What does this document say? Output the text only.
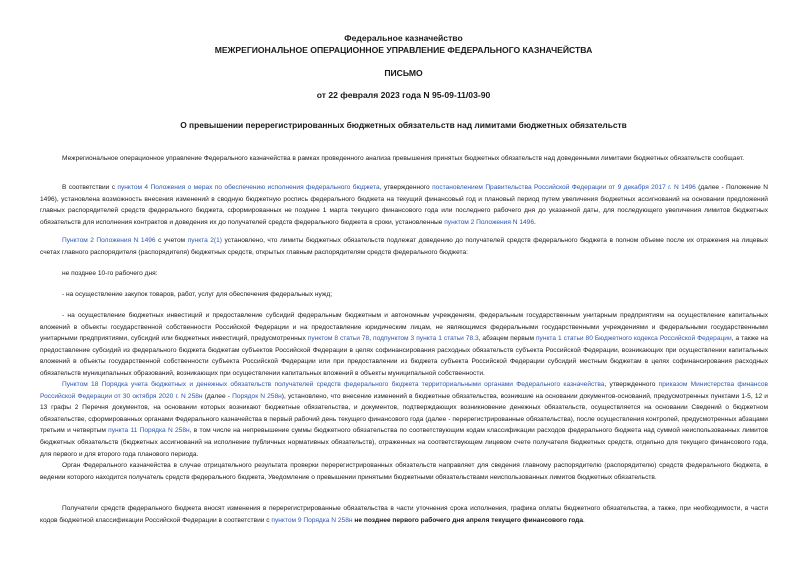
Федеральное казначейство
МЕЖРЕГИОНАЛЬНОЕ ОПЕРАЦИОННОЕ УПРАВЛЕНИЕ ФЕДЕРАЛЬНОГО КАЗНАЧЕЙСТВА
ПИСЬМО
от 22 февраля 2023 года N 95-09-11/03-90
О превышении перерегистрированных бюджетных обязательств над лимитами бюджетных обязательств
Межрегиональное операционное управление Федерального казначейства в рамках проведенного анализа превышения принятых бюджетных обязательств над доведенными лимитами бюджетных обязательств сообщает.
В соответствии с пунктом 4 Положения о мерах по обеспечению исполнения федерального бюджета, утвержденного постановлением Правительства Российской Федерации от 9 декабря 2017 г. N 1496 (далее - Положение N 1496), установлена возможность внесения изменений в сводную бюджетную роспись федерального бюджета на текущий финансовый год и плановый период путем увеличения бюджетных ассигнований на основании предложений главных распорядителей средств федерального бюджета, сформированных не позднее 1 марта текущего финансового года или последнего рабочего дня до указанной даты, для последующего увеличения лимитов бюджетных обязательств для исполнения контрактов и доведения их до получателей средств федерального бюджета в сроки, установленные пунктом 2 Положения N 1496.
Пунктом 2 Положения N 1496 с учетом пункта 2(1) установлено, что лимиты бюджетных обязательств подлежат доведению до получателей средств федерального бюджета в полном объеме после их отражения на лицевых счетах главного распорядителя (распорядителя) бюджетных средств, открытых главным распорядителям средств федерального бюджета:
не позднее 10-го рабочего дня:
- на осуществление закупок товаров, работ, услуг для обеспечения федеральных нужд;
- на осуществление бюджетных инвестиций и предоставление субсидий федеральным бюджетным и автономным учреждениям, федеральным государственным унитарным предприятиям на осуществление капитальных вложений в объекты государственной собственности Российской Федерации и на предоставление юридическим лицам, не являющимся федеральными государственными учреждениями и федеральными государственными унитарными предприятиями, субсидий или бюджетных инвестиций, предусмотренных пунктом 8 статьи 78, подпунктом 3 пункта 1 статьи 78.3, абзацем первым пункта 1 статьи 80 Бюджетного кодекса Российской Федерации, а также на предоставление субсидий из федерального бюджета бюджетам субъектов Российской Федерации в целях софинансирования расходных обязательств субъекта Российской Федерации, возникающих при осуществлении капитальных вложений в объекты государственной собственности субъекта Российской Федерации или при предоставлении из бюджета субъекта Российской Федерации субсидий местным бюджетам в целях софинансирования расходных обязательств муниципальных образований, возникающих при осуществлении капитальных вложений в объекты муниципальной собственности.
Пунктом 18 Порядка учета бюджетных и денежных обязательств получателей средств федерального бюджета территориальными органами Федерального казначейства, утвержденного приказом Министерства финансов Российской Федерации от 30 октября 2020 г. N 258н (далее - Порядок N 258н), установлено, что внесение изменений в бюджетные обязательства, возникшие на основании документов-оснований, предусмотренных пунктами 1-5, 12 и 13 графы 2 Перечня документов, на основании которых возникают бюджетные обязательства, и документов, подтверждающих возникновение денежных обязательств, осуществляется на основании Сведений о бюджетном обязательстве, сформированных органами Федерального казначейства в первый рабочий день текущего финансового года (далее - перерегистрированные обязательства), после осуществления контролей, предусмотренных абзацами третьим и четвертым пункта 11 Порядка N 258н, в том числе на непревышение суммы бюджетного обязательства по соответствующим кодам классификации расходов федерального бюджета над суммой неиспользованных лимитов бюджетных обязательств (бюджетных ассигнований на исполнение публичных нормативных обязательств), отраженных на соответствующем лицевом счете получателя бюджетных средств, отдельно для текущего финансового года, для первого и для второго года планового периода.
Орган Федерального казначейства в случае отрицательного результата проверки перерегистрированных обязательств направляет для сведения главному распорядителю (распорядителю) средств федерального бюджета, в ведении которого находится получатель средств федерального бюджета, Уведомление о превышении принятыми бюджетными обязательствами неиспользованных лимитов бюджетных обязательств.
Получатели средств федерального бюджета вносят изменения в перерегистрированные обязательства в части уточнения срока исполнения, графика оплаты бюджетного обязательства, а также, при необходимости, в части кодов бюджетной классификации Российской Федерации в соответствии с пунктом 9 Порядка N 258н не позднее первого рабочего дня апреля текущего финансового года.
